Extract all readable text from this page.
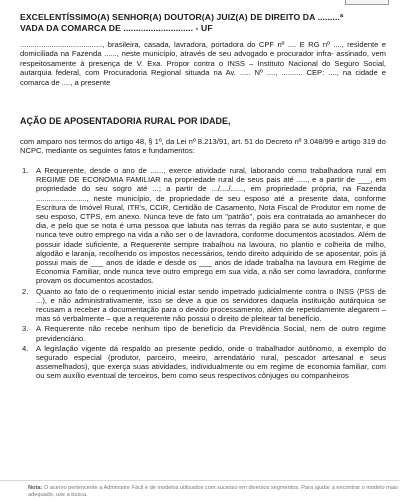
EXCELENTÍSSIMO(A) SENHOR(A) DOUTOR(A) JUIZ(A) DE DIREITO DA .........ª
VADA DA COMARCA DE ............................ - UF
......................................., brasileira, casada, lavradora, portadora do CPF nº .... E RG nº ...., residente e domiciliada na Fazenda ......, neste município, através de seu advogado e procurador infra- assinado, vem respeitosamente à presença de V. Exa. Propor contra o INSS – Instituto Nacional do Seguro Social, autarquia federal, com Procuradoria Regional situada na Av. ..... Nº ...., .......... CEP: ...., na cidade e comarca de ...., a presente
AÇÃO DE APOSENTADORIA RURAL POR IDADE,
com amparo nos termos do artigo 48, § 1º, da Lei nº 8.213/91, art. 51 do Decreto nº 3.048/99 e artigo 319 do NCPC, mediante os seguintes fatos e fundamentos:
1. A Requerente, desde o ano de ......, exerce atividade rural, laborando como trabalhadora rural em REGIME DE ECONOMIA FAMILIAR na propriedade rural de seus pais até ....., e a partir de ___, em propriedade do seu sogro até ...; a partir de .../..../......, em propriedade própria, na Fazenda ........................, neste município, de propriedade de seu esposo até a presente data, conforme Escritura de Imóvel Rural, ITR's, CCIR, Certidão de Casamento, Nota Fiscal de Produtor em nome de seu esposo, CTPS, em anexo. Nunca teve de fato um "patrão", pois era contratada ao amanhecer do dia, e pelo que se nota é uma pessoa que labuta nas terras da região para se auto sustentar, e que nunca teve outro emprego na vida a não ser o de lavradora, conforme documentos acostados. Além de possuir idade suficiente, a Requerente sempre trabalhou na lavoura, no plantio e colheita de milho, algodão e laranja, recolhendo os impostos necessários, tendo direito adquirido de se aposentar, pois já possui mais de ___ anos de idade e desde os ___ anos de idade trabalha na lavoura em Regime de Economia Familiar, onde nunca teve outro emprego em sua vida, a não ser como lavradora, conforme provam os documentos acostados.
2. Quanto ao fato de o requerimento inicial estar sendo impetrado judicialmente contra o INSS (PSS de ...), e não administrativamente, isso se deve a que os servidores daquela instituição autárquica se recusam a receber a documentação para o devido processamento, além de repetidamente alegarem – mas só verbalmente – que a requerente não possui o direito de pleitear tal benefício.
3. A Requerente não recebe nenhum tipo de benefício da Previdência Social, nem de outro regime previdenciário.
4. A legislação vigente dá respaldo ao presente pedido, onde o trabalhador autônomo, a exemplo do segurado especial (produtor, parceiro, meeiro, arrendatário rural, pescador artesanal e seus assemelhados), que exerça suas atividades, individualmente ou em regime de economia familiar, com ou sem auxílio eventual de terceiros, bem como seus respectivos cônjuges ou companheiros
Nota: O acervo pertencente a Administre Fácil é de modelos utilizados com sucesso em diversos segmentos. Para ajudar a encontrar o modelo mais adequado, use a busca.
